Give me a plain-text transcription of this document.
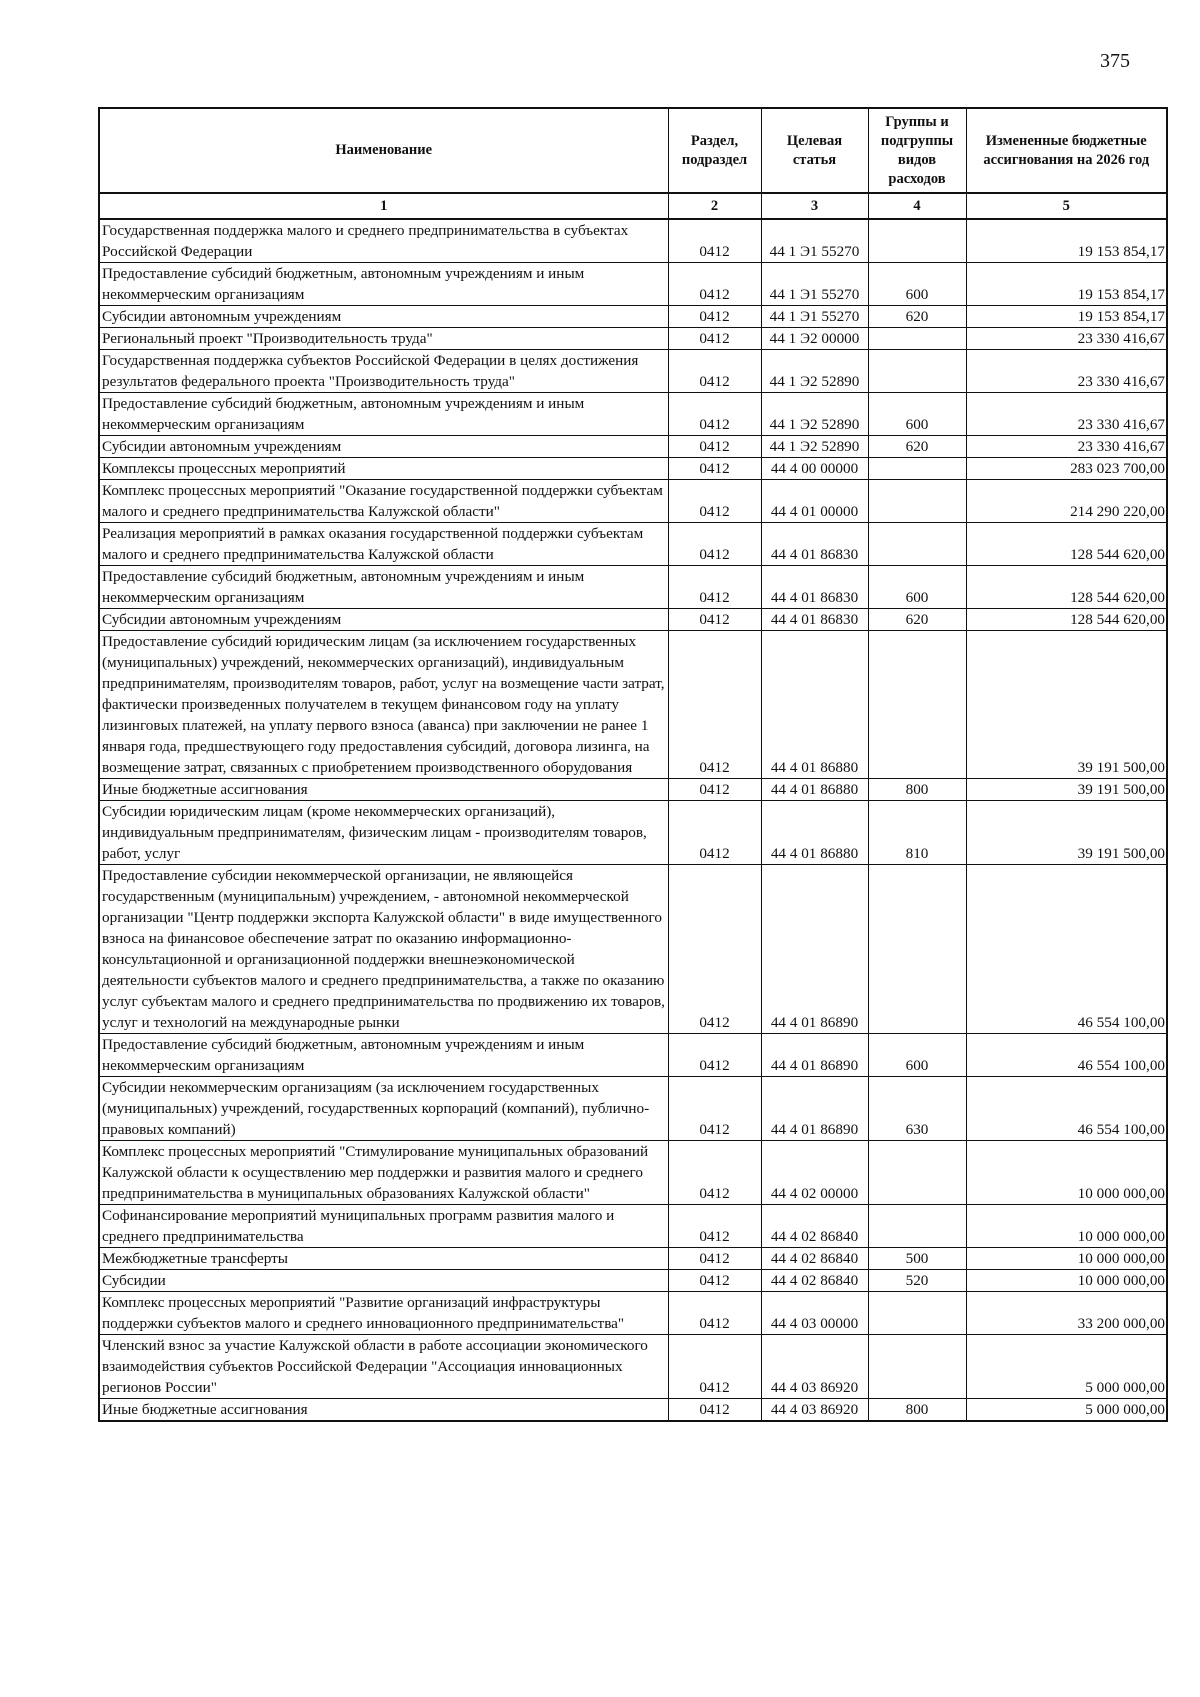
375
Наименование	Раздел, подраздел	Целевая статья	Группы и подгруппы видов расходов	Измененные бюджетные ассигнования на 2026 год
1	2	3	4	5
Государственная поддержка малого и среднего предпринимательства в субъектах Российской Федерации	0412	44 1 Э1 55270		19 153 854,17
Предоставление субсидий бюджетным, автономным учреждениям и иным некоммерческим организациям	0412	44 1 Э1 55270	600	19 153 854,17
Субсидии автономным учреждениям	0412	44 1 Э1 55270	620	19 153 854,17
Региональный проект "Производительность труда"	0412	44 1 Э2 00000		23 330 416,67
Государственная поддержка субъектов Российской Федерации в целях достижения результатов федерального проекта "Производительность труда"	0412	44 1 Э2 52890		23 330 416,67
Предоставление субсидий бюджетным, автономным учреждениям и иным некоммерческим организациям	0412	44 1 Э2 52890	600	23 330 416,67
Субсидии автономным учреждениям	0412	44 1 Э2 52890	620	23 330 416,67
Комплексы процессных мероприятий	0412	44 4 00 00000		283 023 700,00
Комплекс процессных мероприятий "Оказание государственной поддержки субъектам малого и среднего предпринимательства Калужской области"	0412	44 4 01 00000		214 290 220,00
Реализация мероприятий в рамках оказания государственной поддержки субъектам малого и среднего предпринимательства Калужской области	0412	44 4 01 86830		128 544 620,00
Предоставление субсидий бюджетным, автономным учреждениям и иным некоммерческим организациям	0412	44 4 01 86830	600	128 544 620,00
Субсидии автономным учреждениям	0412	44 4 01 86830	620	128 544 620,00
Предоставление субсидий юридическим лицам (за исключением государственных (муниципальных) учреждений, некоммерческих организаций), индивидуальным предпринимателям, производителям товаров, работ, услуг на возмещение части затрат, фактически произведенных получателем в текущем финансовом году на уплату лизинговых платежей, на уплату первого взноса (аванса) при заключении не ранее 1 января года, предшествующего году предоставления субсидий, договора лизинга, на возмещение затрат, связанных с приобретением производственного оборудования	0412	44 4 01 86880		39 191 500,00
Иные бюджетные ассигнования	0412	44 4 01 86880	800	39 191 500,00
Субсидии юридическим лицам (кроме некоммерческих организаций), индивидуальным предпринимателям, физическим лицам - производителям товаров, работ, услуг	0412	44 4 01 86880	810	39 191 500,00
Предоставление субсидии некоммерческой организации, не являющейся государственным (муниципальным) учреждением, - автономной некоммерческой организации "Центр поддержки экспорта Калужской области" в виде имущественного взноса на финансовое обеспечение затрат по оказанию информационно-консультационной и организационной поддержки внешнеэкономической деятельности субъектов малого и среднего предпринимательства, а также по оказанию услуг субъектам малого и среднего предпринимательства по продвижению их товаров, услуг и технологий на международные рынки	0412	44 4 01 86890		46 554 100,00
Предоставление субсидий бюджетным, автономным учреждениям и иным некоммерческим организациям	0412	44 4 01 86890	600	46 554 100,00
Субсидии некоммерческим организациям (за исключением государственных (муниципальных) учреждений, государственных корпораций (компаний), публично-правовых компаний)	0412	44 4 01 86890	630	46 554 100,00
Комплекс процессных мероприятий "Стимулирование муниципальных образований Калужской области к осуществлению мер поддержки и развития малого и среднего предпринимательства в муниципальных образованиях Калужской области"	0412	44 4 02 00000		10 000 000,00
Софинансирование мероприятий муниципальных программ развития малого и среднего предпринимательства	0412	44 4 02 86840		10 000 000,00
Межбюджетные трансферты	0412	44 4 02 86840	500	10 000 000,00
Субсидии	0412	44 4 02 86840	520	10 000 000,00
Комплекс процессных мероприятий "Развитие организаций инфраструктуры поддержки субъектов малого и среднего инновационного предпринимательства"	0412	44 4 03 00000		33 200 000,00
Членский взнос за участие Калужской области в работе ассоциации экономического взаимодействия субъектов Российской Федерации "Ассоциация инновационных регионов России"	0412	44 4 03 86920		5 000 000,00
Иные бюджетные ассигнования	0412	44 4 03 86920	800	5 000 000,00
